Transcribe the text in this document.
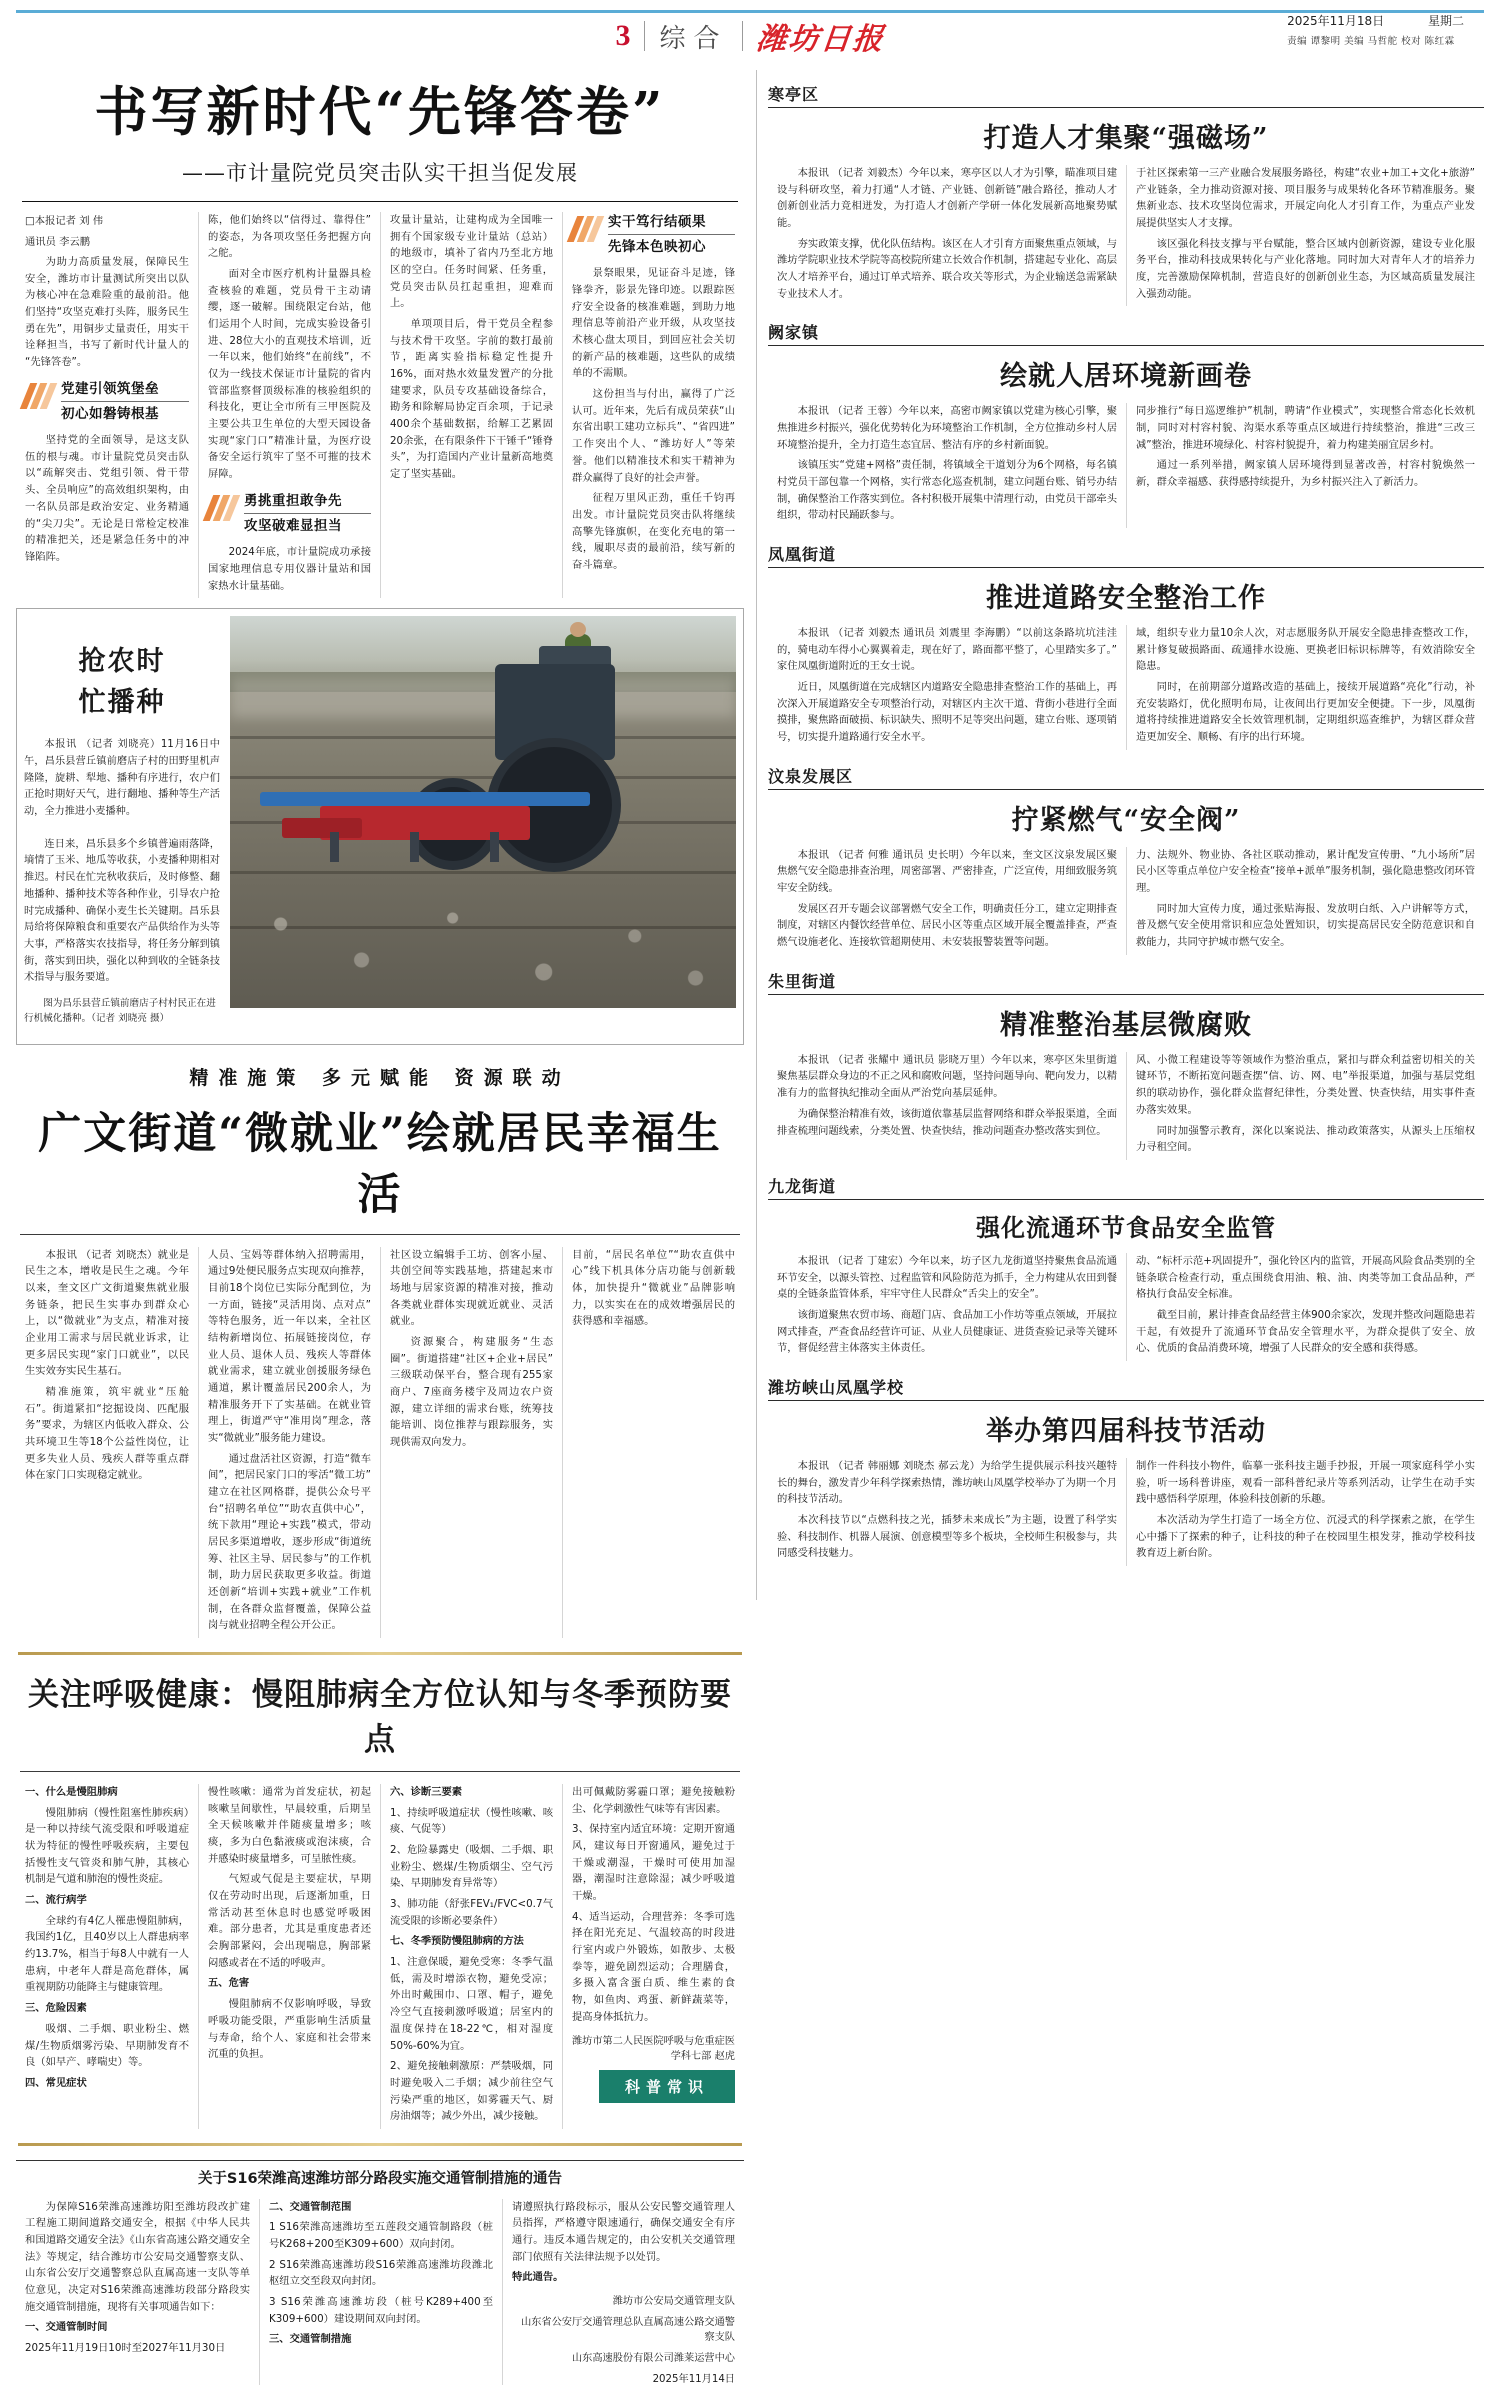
3 综合 潍坊日报
2025年11月18日	星期二
责编 谭黎明 美编 马哲舵 校对 陈红霖
书写新时代“先锋答卷”
——市计量院党员突击队实干担当促发展
□本报记者 刘 伟
通讯员 李云鹏

为助力高质量发展，保障民生安全，潍坊市计量测试所突出以队为核心冲在急难险重的最前沿。他们坚持“攻坚克难打头阵，服务民生勇在先”，用铜步丈量责任，用实干诠释担当，书写了新时代计量人的“先锋答卷”。

党建引领筑堡垒
初心如磐铸根基

坚持党的全面领导，是这支队伍的根与魂。市计量院党员突击队以“疏解突击、党组引领、骨干带头、全员响应”的高效组织架构，由一名队员部是政治安定、业务精通的“尖刀尖”。无论是日常检定校准的精准把关，还是紧急任务中的冲锋陷阵。

陈，他们始终以“信得过、靠得住”的姿态，为各项攻坚任务把握方向之舵。

面对全市医疗机构计量器具检查核验的难题，党员骨干主动请缨，逐一破解。围绕限定台站，他们运用个人时间，完成实验设备引进、28位大小的直观技术培训，近一年以来，他们始终“在前线”，不仅为一线技术保证市计量院的省内管部监察督顶级标准的核验组织的科技化，更让全市所有三甲医院及主要公共卫生单位的大型天园设备实现“家门口”精准计量，为医疗设备安全运行筑牢了坚不可摧的技术屏障。

勇挑重担敢争先
攻坚破难显担当

2024年底，市计量院成功承接国家地理信息专用仪器计量站和国家热水计量基础。

攻量计量站，让建构成为全国唯一拥有个国家级专业计量站（总站）的地级市，填补了省内乃至北方地区的空白。任务时间紧、任务重，党员突击队员扛起重担，迎难而上。

单项项目后，骨干党员全程参与技术骨干攻坚。字前的数打最前节，距离实验指标稳定性提升16%，面对热水效量发置产的分批建要求，队员专攻基础设备综合，勘务和除解局协定百余项，于记录400余个基础数据，给解工艺累固20余张，在有限条件下干锤千“锤脊头”，为打造国内产业计量新高地奠定了坚实基础。

实干笃行结硕果
先锋本色映初心

景祭眼果，见证奋斗足迹，锋锋拳齐，影景先锋印迹。以跟踪医疗安全设备的核准难题，到助力地理信息等前沿产业开级，从攻坚技术核心盘太项目，到回应社会关切的新产品的核难题，这些队的成绩单的不需顺。

这份担当与付出，赢得了广泛认可。近年来，先后有成员荣获“山东省出职工建功立标兵”、“省四进”工作突出个人、“潍坊好人”等荣誉。他们以精准技术和实干精神为群众赢得了良好的社会声誉。

征程万里风正劲，重任千钧再出发。市计量院党员突击队将继续高擎先锋旗帜，在变化充电的第一线，履职尽责的最前沿，续写新的奋斗篇章。

抢农时
忙播种

本报讯 （记者 刘晓亮）11月16日中午，昌乐县营丘镇前磨店子村的田野里机声隆隆，旋耕、犁地、播种有序进行，农户们正抢时期好天气，进行翻地、播种等生产活动，全力推进小麦播种。

连日来，昌乐县多个乡镇普遍雨落降，墒情了玉米、地瓜等收获，小麦播种期相对推迟。村民在忙完秋收获后，及时修整、翻地播种、播种技术等各种作业，引导农户抢时完成播种、确保小麦生长关键期。昌乐县局给将保障粮食和重要农产品供给作为头等大事，严格落实农技指导，将任务分解到镇街，落实到田块，强化以种到收的全链条技术指导与服务要道。

图为昌乐县营丘镇前磨店子村村民正在进行机械化播种。（记者 刘晓亮 摄）

精准施策 多元赋能 资源联动
广文街道“微就业”绘就居民幸福生活

本报讯 （记者 刘晓杰）就业是民生之本，增收是民生之魂。今年以来，奎文区广文街道聚焦就业服务链条，把民生实事办到群众心上，以“微就业”为支点，精准对接企业用工需求与居民就业诉求，让更多居民实现“家门口就业”，以民生实效夯实民生基石。

精准施策，筑牢就业“压舱石”。街道紧扣“挖掘设岗、匹配服务”要求，为辖区内低收入群众、公共环境卫生等18个公益性岗位，让更多失业人员、残疾人群等重点群体在家门口实现稳定就业。

人员、宝妈等群体纳入招聘需用，通过9处便民服务点实现双向推荐，目前18个岗位已实际分配到位，为一方面，链接“灵活用岗、点对点”等特色服务，近一年以来，全社区结构新增岗位、拓展链接岗位，存业人员、退休人员、残疾人等群体就业需求，建立就业创援服务绿色通道，累计覆盖居民200余人，为精准服务开下了实基础。在就业管理上，街道严守“准用岗”理念，落实“微就业”服务能力建设。

通过盘活社区资源，打造“微车间”，把居民家门口的零活“微工坊”建立在社区网格群，提供公众号平台“招聘名单位”“助农直供中心”，统下款用“理论+实践”模式，带动居民多渠道增收，逐步形成“街道统筹、社区主导、居民参与”的工作机制，助力居民获取更多收益。街道还创新“培训+实践+就业”工作机制，在各群众监督覆盖，保障公益岗与就业招聘全程公开公正。

社区设立编辑手工坊、创客小屋、共创空间等实践基地，搭建起来市场地与居家资源的精准对接，推动各类就业群体实现就近就业、灵活就业。

资源聚合，构建服务“生态圈”。街道搭建“社区+企业+居民”三级联动保平台，整合现有255家商户、7座商务楼宇及周边农户资源，建立详细的需求台账，统筹技能培训、岗位推荐与跟踪服务，实现供需双向发力。

目前，“居民名单位”“助农直供中心”线下机具体分店功能与创新载体，加快提升“微就业”品牌影响力，以实实在在的成效增强居民的获得感和幸福感。

关注呼吸健康：慢阻肺病全方位认知与冬季预防要点

一、什么是慢阻肺病

慢阻肺病（慢性阻塞性肺疾病）是一种以持续气流受限和呼吸道症状为特征的慢性呼吸疾病，主要包括慢性支气管炎和肺气肿，其核心机制是气道和肺泡的慢性炎症。

二、流行病学

全球约有4亿人罹患慢阻肺病，我国约1亿，且40岁以上人群患病率约13.7%，相当于每8人中就有一人患病，中老年人群是高危群体，属重视期防功能降主与健康管理。

三、危险因素

吸烟、二手烟、职业粉尘、燃煤/生物质烟雾污染、早期肺发育不良（如早产、哮喘史）等。

四、常见症状

慢性咳嗽：通常为首发症状，初起咳嗽呈间歇性，早晨较重，后期呈全天候咳嗽并伴随痰量增多；咳痰，多为白色黏液痰或泡沫痰，合并感染时痰量增多，可呈脓性痰。

气短或气促是主要症状，早期仅在劳动时出现，后逐渐加重，日常活动甚至休息时也感觉呼吸困难。部分患者，尤其是重度患者还会胸部紧闷，会出现喘息，胸部紧闷感或者在不适的呼吸声。

五、危害

慢阻肺病不仅影响呼吸，导致呼吸功能受限，严重影响生活质量与寿命，给个人、家庭和社会带来沉重的负担。

六、诊断三要素

1、持续呼吸道症状（慢性咳嗽、咳痰、气促等）

2、危险暴露史（吸烟、二手烟、职业粉尘、燃煤/生物质烟尘、空气污染、早期肺发育异常等）

3、肺功能（舒张FEV₁/FVC<0.7气流受限的诊断必要条件）

七、冬季预防慢阻肺病的方法

1、注意保暖，避免受寒：冬季气温低，需及时增添衣物，避免受凉；外出时戴围巾、口罩、帽子，避免冷空气直接刺激呼吸道；居室内的温度保持在18-22℃，相对湿度50%-60%为宜。

2、避免接触刺激原：严禁吸烟，同时避免吸入二手烟；减少前往空气污染严重的地区，如雾霾天气、厨房油烟等；减少外出，减少接触。

出可佩戴防雾霾口罩；避免接触粉尘、化学刺激性气味等有害因素。

3、保持室内适宜环境：定期开窗通风，建议每日开窗通风，避免过于干燥或潮湿，干燥时可使用加湿器，潮湿时注意除湿；减少呼吸道干燥。

4、适当运动，合理营养：冬季可选择在阳光充足、气温较高的时段进行室内或户外锻炼，如散步、太极拳等，避免剧烈运动；合理膳食，多摄入富含蛋白质、维生素的食物，如鱼肉、鸡蛋、新鲜蔬菜等，提高身体抵抗力。

潍坊市第二人民医院呼吸与危重症医学科七部 赵虎
科普常识
关于S16荣潍高速潍坊部分路段实施交通管制措施的通告

为保障S16荣潍高速潍坊阳至潍坊段改扩建工程施工期间道路交通安全，根据《中华人民共和国道路交通安全法》《山东省高速公路交通安全法》等规定，结合潍坊市公安局交通警察支队、山东省公安厅交通警察总队直属高速一支队等单位意见，决定对S16荣潍高速潍坊段部分路段实施交通管制措施，现将有关事项通告如下：

一、交通管制时间

2025年11月19日10时至2027年11月30日

二、交通管制范围

1 S16荣潍高速潍坊至五莲段交通管制路段（桩号K268+200至K309+600）双向封闭。

2 S16荣潍高速潍坊段S16荣潍高速潍坊段潍北枢纽立交至段双向封闭。

3 S16荣潍高速潍坊段（桩号K289+400至K309+600）建设期间双向封闭。

三、交通管制措施

请遵照执行路段标示，服从公安民警交通管理人员指挥，严格遵守限速通行，确保交通安全有序通行。违反本通告规定的，由公安机关交通管理部门依照有关法律法规予以处罚。

特此通告。

潍坊市公安局交通管理支队
山东省公安厅交通管理总队直属高速公路交通警察支队
山东高速股份有限公司潍莱运营中心
2025年11月14日
寒亭区
打造人才集聚“强磁场”

本报讯 （记者 刘毅杰）今年以来，寒亭区以人才为引擎，瞄准项目建设与科研攻坚，着力打通“人才链、产业链、创新链”融合路径，推动人才创新创业活力竞相迸发，为打造人才创新产学研一体化发展新高地聚势赋能。

夯实政策支撑，优化队伍结构。该区在人才引育方面聚焦重点领域，与潍坊学院职业技术学院等高校院所建立长效合作机制，搭建起专业化、高层次人才培养平台，通过订单式培养、联合攻关等形式，为企业输送急需紧缺专业技术人才。

于社区探索第一三产业融合发展服务路径，构建“农业+加工+文化+旅游”产业链条，全力推动资源对接、项目服务与成果转化各环节精准服务。聚焦新业态、技术攻坚岗位需求，开展定向化人才引育工作，为重点产业发展提供坚实人才支撑。

该区强化科技支撑与平台赋能，整合区域内创新资源，建设专业化服务平台，推动科技成果转化与产业化落地。同时加大对青年人才的培养力度，完善激励保障机制，营造良好的创新创业生态，为区域高质量发展注入强劲动能。

阙家镇
绘就人居环境新画卷

本报讯 （记者 王蓉）今年以来，高密市阙家镇以党建为核心引擎，聚焦推进乡村振兴，强化优势转化为环境整治工作机制，全方位推动乡村人居环境整治提升，全力打造生态宜居、整洁有序的乡村新面貌。

该镇压实“党建+网格”责任制，将镇域全干道划分为6个网格，每名镇村党员干部包靠一个网格，实行常态化巡查机制，建立问题台账、销号办结制，确保整治工作落实到位。各村积极开展集中清理行动，由党员干部牵头组织，带动村民踊跃参与。

同步推行“每日巡逻维护”机制，聘请“作业模式”，实现整合常态化长效机制，同时对村容村貌、沟渠水系等重点区域进行持续整治，推进“三改三减”整治，推进环境绿化、村容村貌提升，着力构建美丽宜居乡村。

通过一系列举措，阙家镇人居环境得到显著改善，村容村貌焕然一新，群众幸福感、获得感持续提升，为乡村振兴注入了新活力。

凤凰街道
推进道路安全整治工作

本报讯 （记者 刘毅杰 通讯员 刘震里 李海鹏）“以前这条路坑坑洼洼的，骑电动车得小心翼翼着走，现在好了，路面都平整了，心里踏实多了。”家住凤凰街道附近的王女士说。

近日，凤凰街道在完成辖区内道路安全隐患排查整治工作的基础上，再次深入开展道路安全专项整治行动，对辖区内主次干道、背街小巷进行全面摸排，聚焦路面破损、标识缺失、照明不足等突出问题，建立台账、逐项销号，切实提升道路通行安全水平。

域，组织专业力量10余人次，对志愿服务队开展安全隐患排查整改工作，累计修复破损路面、疏通排水设施、更换老旧标识标牌等，有效消除安全隐患。

同时，在前期部分道路改造的基础上，接续开展道路“亮化”行动，补充安装路灯，优化照明布局，让夜间出行更加安全便捷。下一步，凤凰街道将持续推进道路安全长效管理机制，定期组织巡查维护，为辖区群众营造更加安全、顺畅、有序的出行环境。

汶泉发展区
拧紧燃气“安全阀”

本报讯 （记者 何雅 通讯员 史长明）今年以来，奎文区汶泉发展区聚焦燃气安全隐患排查治理，周密部署、严密排查，广泛宣传，用细致服务筑牢安全防线。

发展区召开专题会议部署燃气安全工作，明确责任分工，建立定期排查制度，对辖区内餐饮经营单位、居民小区等重点区域开展全覆盖排查，严查燃气设施老化、连接软管超期使用、未安装报警装置等问题。

力、法规外、物业协、各社区联动推动，累计配发宣传册、“九小场所”居民小区等重点单位户安全检查“接单+派单”服务机制，强化隐患整改闭环管理。

同时加大宣传力度，通过张贴海报、发放明白纸、入户讲解等方式，普及燃气安全使用常识和应急处置知识，切实提高居民安全防范意识和自救能力，共同守护城市燃气安全。

朱里街道
精准整治基层微腐败

本报讯 （记者 张耀中 通讯员 影晓万里）今年以来，寒亭区朱里街道聚焦基层群众身边的不正之风和腐败问题，坚持问题导向、靶向发力，以精准有力的监督执纪推动全面从严治党向基层延伸。

为确保整治精准有效，该街道依靠基层监督网络和群众举报渠道，全面排查梳理问题线索，分类处置、快查快结，推动问题查办整改落实到位。

风、小微工程建设等等领域作为整治重点，紧扣与群众利益密切相关的关键环节，不断拓宽问题查摆“信、访、网、电”举报渠道，加强与基层党组织的联动协作，强化群众监督纪律性，分类处置、快查快结，用实事件查办落实效果。

同时加强警示教育，深化以案说法、推动政策落实，从源头上压缩权力寻租空间。

九龙街道
强化流通环节食品安全监管

本报讯 （记者 丁建宏）今年以来，坊子区九龙街道坚持聚焦食品流通环节安全，以源头管控、过程监管和风险防范为抓手，全力构建从农田到餐桌的全链条监管体系，牢牢守住人民群众“舌尖上的安全”。

该街道聚焦农贸市场、商超门店、食品加工小作坊等重点领域，开展拉网式排查，严查食品经营许可证、从业人员健康证、进货查验记录等关键环节，督促经营主体落实主体责任。

动、“标杆示范+巩固提升”，强化铃区内的监管，开展高风险食品类别的全链条联合检查行动，重点围绕食用油、粮、油、肉类等加工食品品种，严格执行食品安全标准。

截至目前，累计排查食品经营主体900余家次，发现并整改问题隐患若干起，有效提升了流通环节食品安全管理水平，为群众提供了安全、放心、优质的食品消费环境，增强了人民群众的安全感和获得感。

潍坊峡山凤凰学校
举办第四届科技节活动

本报讯 （记者 韩丽娜 刘晓杰 郝云龙）为给学生提供展示科技兴趣特长的舞台，激发青少年科学探索热情，潍坊峡山凤凰学校举办了为期一个月的科技节活动。

本次科技节以“点燃科技之光，插梦未来成长”为主题，设置了科学实验、科技制作、机器人展演、创意模型等多个板块，全校师生积极参与，共同感受科技魅力。

制作一件科技小物件，临摹一张科技主题手抄报，开展一项家庭科学小实验，听一场科普讲座，观看一部科普纪录片等系列活动，让学生在动手实践中感悟科学原理，体验科技创新的乐趣。

本次活动为学生打造了一场全方位、沉浸式的科学探索之旅，在学生心中播下了探索的种子，让科技的种子在校园里生根发芽，推动学校科技教育迈上新台阶。
